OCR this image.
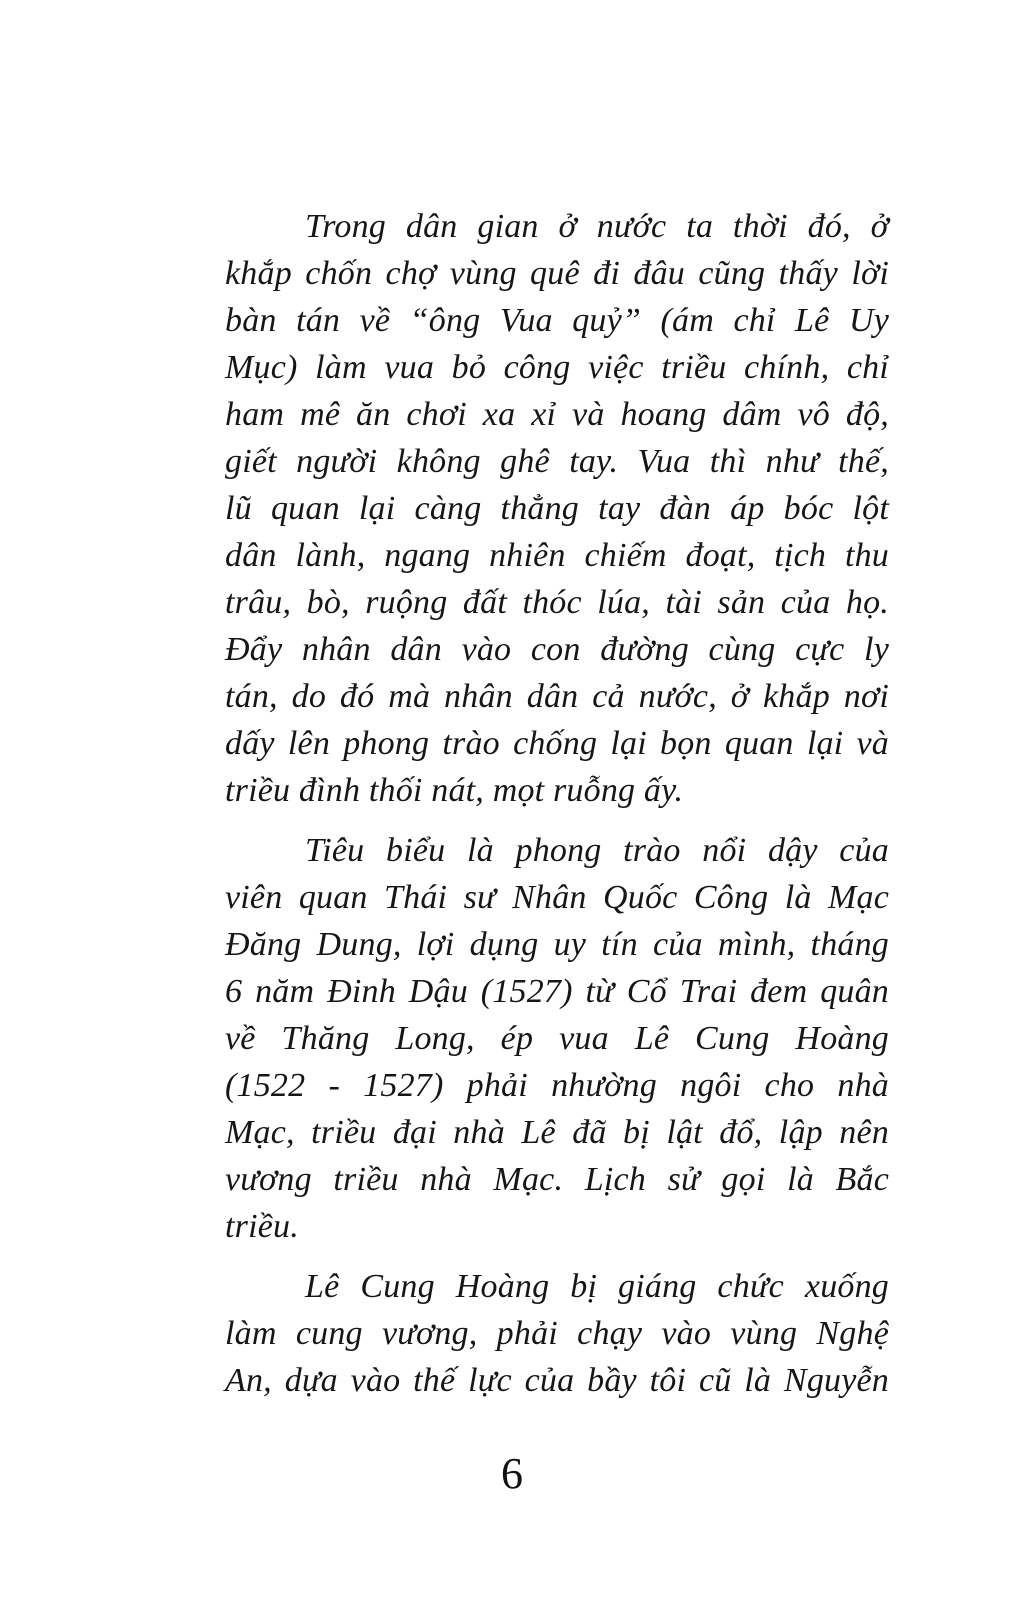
Trong dân gian ở nước ta thời đó, ở
khắp chốn chợ vùng quê đi đâu cũng thấy lời
bàn tán về “ông Vua quỷ” (ám chỉ Lê Uy
Mục) làm vua bỏ công việc triều chính, chỉ
ham mê ăn chơi xa xỉ và hoang dâm vô độ,
giết người không ghê tay. Vua thì như thế,
lũ quan lại càng thẳng tay đàn áp bóc lột
dân lành, ngang nhiên chiếm đoạt, tịch thu
trâu, bò, ruộng đất thóc lúa, tài sản của họ.
Đẩy nhân dân vào con đường cùng cực ly
tán, do đó mà nhân dân cả nước, ở khắp nơi
dấy lên phong trào chống lại bọn quan lại và
triều đình thối nát, mọt ruỗng ấy.
Tiêu biểu là phong trào nổi dậy của
viên quan Thái sư Nhân Quốc Công là Mạc
Đăng Dung, lợi dụng uy tín của mình, tháng
6 năm Đinh Dậu (1527) từ Cổ Trai đem quân
về Thăng Long, ép vua Lê Cung Hoàng
(1522 - 1527) phải nhường ngôi cho nhà
Mạc, triều đại nhà Lê đã bị lật đổ, lập nên
vương triều nhà Mạc. Lịch sử gọi là Bắc
triều.
Lê Cung Hoàng bị giáng chức xuống
làm cung vương, phải chạy vào vùng Nghệ
An, dựa vào thế lực của bầy tôi cũ là Nguyễn
6
